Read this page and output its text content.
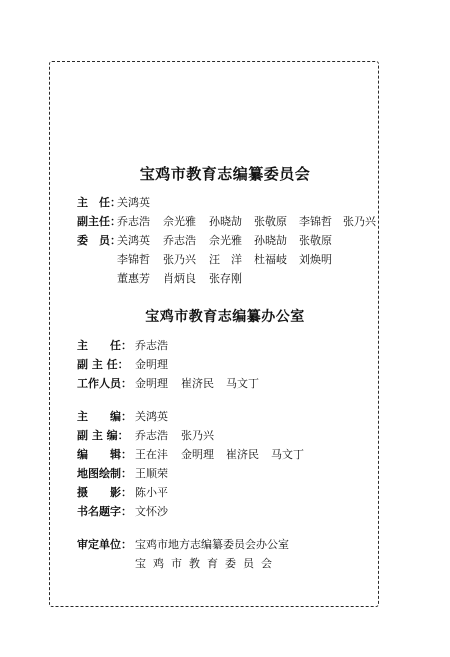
宝鸡市教育志编纂委员会
主　任：关鸿英
副主任：
乔志浩 佘光雅 孙晓劼 张敬原 李锦哲 张乃兴
委　员：
关鸿英 乔志浩 佘光雅 孙晓劼 张敬原
李锦哲 张乃兴 汪　洋 杜福岐 刘焕明
董惠芳 肖炳良 张存刚
宝鸡市教育志编纂办公室
主　　任： 乔志浩
副 主 任： 金明理
工作人员： 金明理 崔济民 马文丁
主　　编： 关鸿英
副 主 编： 乔志浩 张乃兴
编　　辑： 王在沣 金明理 崔济民 马文丁
地图绘制： 王顺荣
摄　　影： 陈小平
书名题字： 文怀沙
审定单位： 宝鸡市地方志编纂委员会办公室
宝鸡市教育委员会
